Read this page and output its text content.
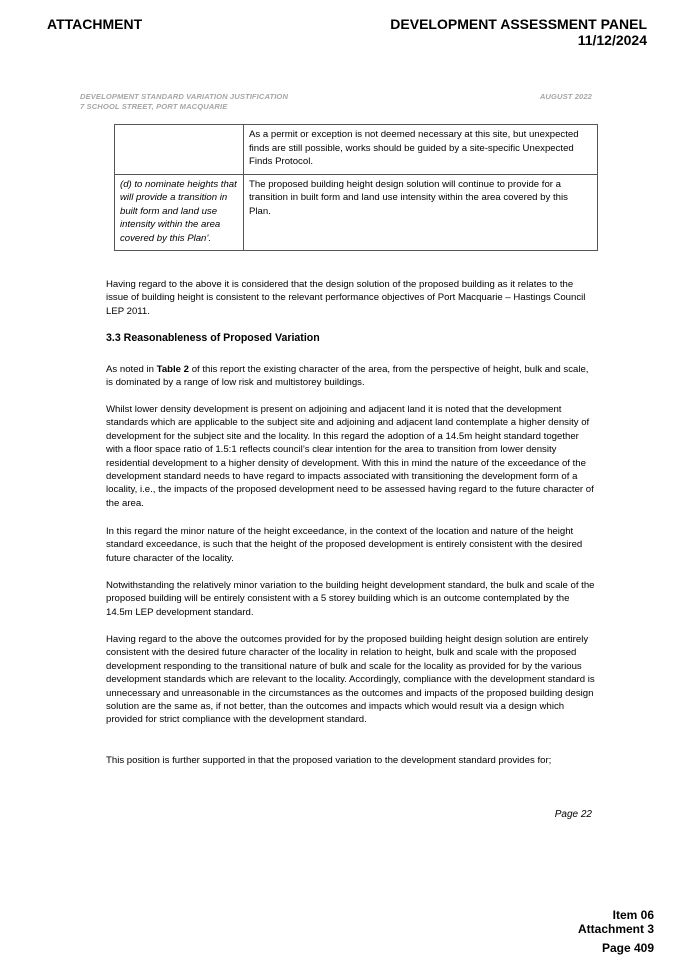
ATTACHMENT	DEVELOPMENT ASSESSMENT PANEL
11/12/2024
DEVELOPMENT STANDARD VARIATION JUSTIFICATION
7 SCHOOL STREET, PORT MACQUARIE
AUGUST 2022
	As a permit or exception is not deemed necessary at this site, but unexpected finds are still possible, works should be guided by a site-specific Unexpected Finds Protocol.
(d) to nominate heights that will provide a transition in built form and land use intensity within the area covered by this Plan’.	The proposed building height design solution will continue to provide for a transition in built form and land use intensity within the area covered by this Plan.

Having regard to the above it is considered that the design solution of the proposed building as it relates to the issue of building height is consistent to the relevant performance objectives of Port Macquarie – Hastings Council LEP 2011.

3.3 Reasonableness of Proposed Variation

As noted in Table 2 of this report the existing character of the area, from the perspective of height, bulk and scale, is dominated by a range of low risk and multistorey buildings.

Whilst lower density development is present on adjoining and adjacent land it is noted that the development standards which are applicable to the subject site and adjoining and adjacent land contemplate a higher density of development for the subject site and the locality. In this regard the adoption of a 14.5m height standard together with a floor space ratio of 1.5:1 reflects council’s clear intention for the area to transition from lower density residential development to a higher density of development. With this in mind the nature of the exceedance of the development standard needs to have regard to impacts associated with transitioning the development form of a locality, i.e., the impacts of the proposed development need to be assessed having regard to the future character of the area.

In this regard the minor nature of the height exceedance, in the context of the location and nature of the height standard exceedance, is such that the height of the proposed development is entirely consistent with the desired future character of the locality.

Notwithstanding the relatively minor variation to the building height development standard, the bulk and scale of the proposed building will be entirely consistent with a 5 storey building which is an outcome contemplated by the 14.5m LEP development standard.

Having regard to the above the outcomes provided for by the proposed building height design solution are entirely consistent with the desired future character of the locality in relation to height, bulk and scale with the proposed development responding to the transitional nature of bulk and scale for the locality as provided for by the various development standards which are relevant to the locality. Accordingly, compliance with the development standard is unnecessary and unreasonable in the circumstances as the outcomes and impacts of the proposed building design solution are the same as, if not better, than the outcomes and impacts which would result via a design which provided for strict compliance with the development standard.

This position is further supported in that the proposed variation to the development standard provides for;

Page 22
Item 06
Attachment 3
Page 409
